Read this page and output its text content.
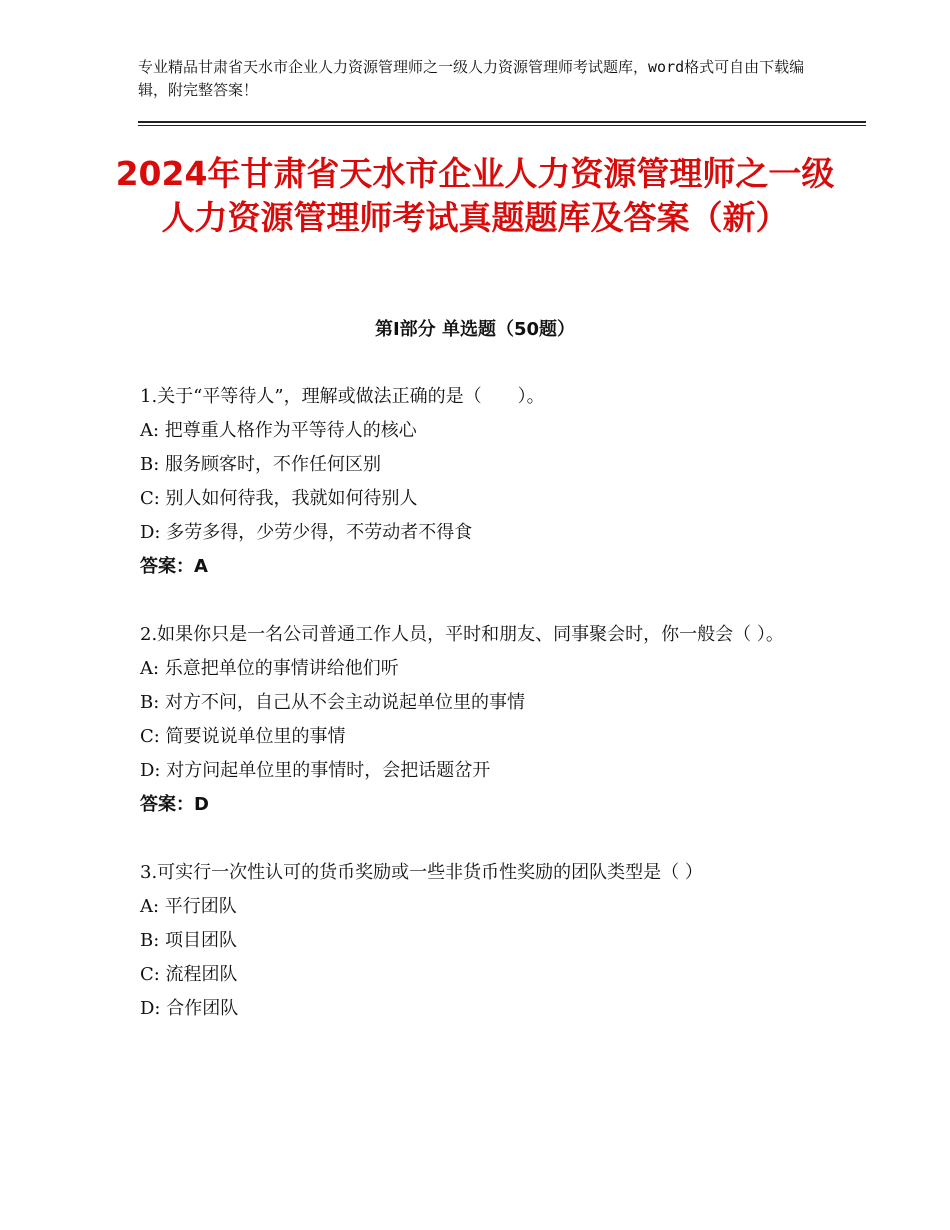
专业精品甘肃省天水市企业人力资源管理师之一级人力资源管理师考试题库，word格式可自由下载编辑，附完整答案！
2024年甘肃省天水市企业人力资源管理师之一级人力资源管理师考试真题题库及答案（新）
第Ⅰ部分 单选题（50题）
1.关于“平等待人”，理解或做法正确的是（　　）。
A: 把尊重人格作为平等待人的核心
B: 服务顾客时，不作任何区别
C: 别人如何待我，我就如何待别人
D: 多劳多得，少劳少得，不劳动者不得食
答案：A
2.如果你只是一名公司普通工作人员，平时和朋友、同事聚会时，你一般会（ ）。
A: 乐意把单位的事情讲给他们听
B: 对方不问，自己从不会主动说起单位里的事情
C: 简要说说单位里的事情
D: 对方问起单位里的事情时，会把话题岔开
答案：D
3.可实行一次性认可的货币奖励或一些非货币性奖励的团队类型是（ ）
A: 平行团队
B: 项目团队
C: 流程团队
D: 合作团队
